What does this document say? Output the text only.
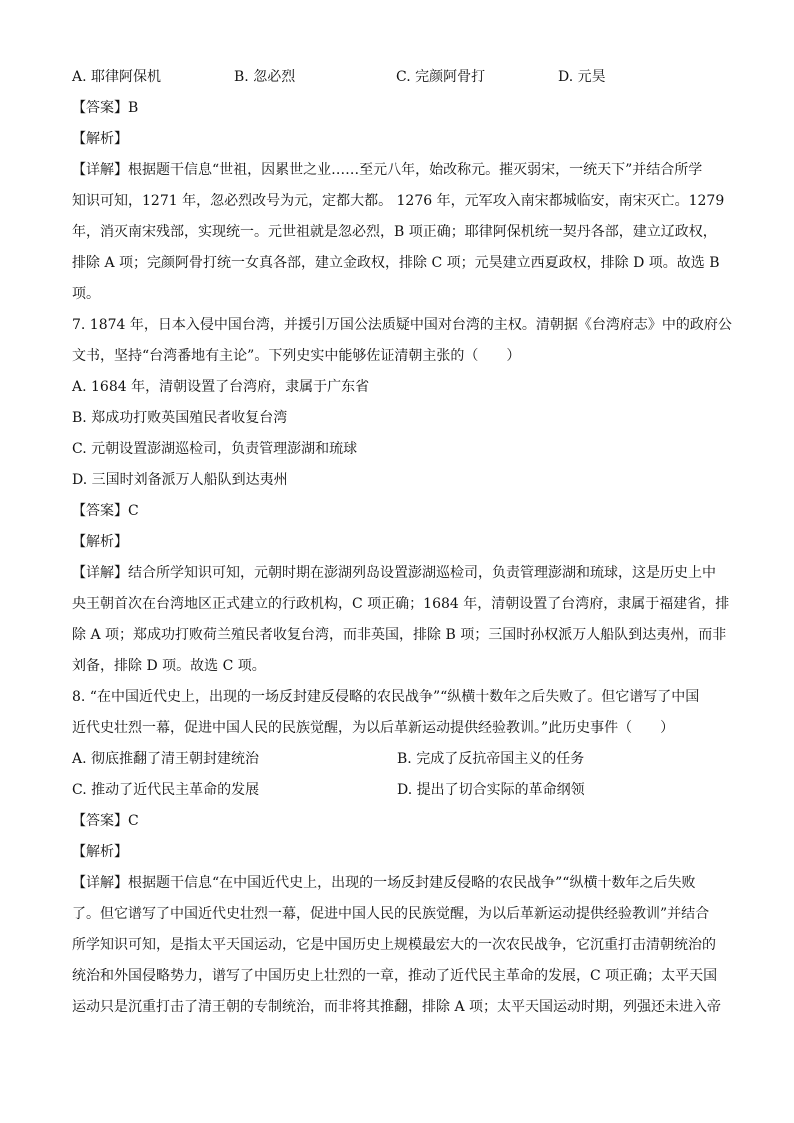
A. 耶律阿保机	B. 忽必烈	C. 完颜阿骨打	D. 元昊
【答案】B
【解析】
【详解】根据题干信息“世祖，因累世之业……至元八年，始改称元。摧灭弱宋，一统天下”并结合所学
知识可知，1271 年，忽必烈改号为元，定都大都。 1276 年，元军攻入南宋都城临安，南宋灭亡。1279
年，消灭南宋残部，实现统一。元世祖就是忽必烈，B 项正确；耶律阿保机统一契丹各部，建立辽政权，
排除 A 项；完颜阿骨打统一女真各部，建立金政权，排除 C 项；元昊建立西夏政权，排除 D 项。故选 B
项。
7. 1874 年，日本入侵中国台湾，并援引万国公法质疑中国对台湾的主权。清朝据《台湾府志》中的政府公
文书，坚持“台湾番地有主论”。下列史实中能够佐证清朝主张的（　　）
A. 1684 年，清朝设置了台湾府，隶属于广东省
B. 郑成功打败英国殖民者收复台湾
C. 元朝设置澎湖巡检司，负责管理澎湖和琉球
D. 三国时刘备派万人船队到达夷州
【答案】C
【解析】
【详解】结合所学知识可知，元朝时期在澎湖列岛设置澎湖巡检司，负责管理澎湖和琉球，这是历史上中
央王朝首次在台湾地区正式建立的行政机构，C 项正确；1684 年，清朝设置了台湾府，隶属于福建省，排
除 A 项；郑成功打败荷兰殖民者收复台湾，而非英国，排除 B 项；三国时孙权派万人船队到达夷州，而非
刘备，排除 D 项。故选 C 项。
8. “在中国近代史上，出现的一场反封建反侵略的农民战争”“纵横十数年之后失败了。但它谱写了中国
近代史壮烈一幕，促进中国人民的民族觉醒，为以后革新运动提供经验教训。”此历史事件（　　）
A. 彻底推翻了清王朝封建统治	B. 完成了反抗帝国主义的任务
C. 推动了近代民主革命的发展	D. 提出了切合实际的革命纲领
【答案】C
【解析】
【详解】根据题干信息“在中国近代史上，出现的一场反封建反侵略的农民战争”“纵横十数年之后失败
了。但它谱写了中国近代史壮烈一幕，促进中国人民的民族觉醒，为以后革新运动提供经验教训”并结合
所学知识可知，是指太平天国运动，它是中国历史上规模最宏大的一次农民战争，它沉重打击清朝统治的
统治和外国侵略势力，谱写了中国历史上壮烈的一章，推动了近代民主革命的发展，C 项正确；太平天国
运动只是沉重打击了清王朝的专制统治，而非将其推翻，排除 A 项；太平天国运动时期，列强还未进入帝
